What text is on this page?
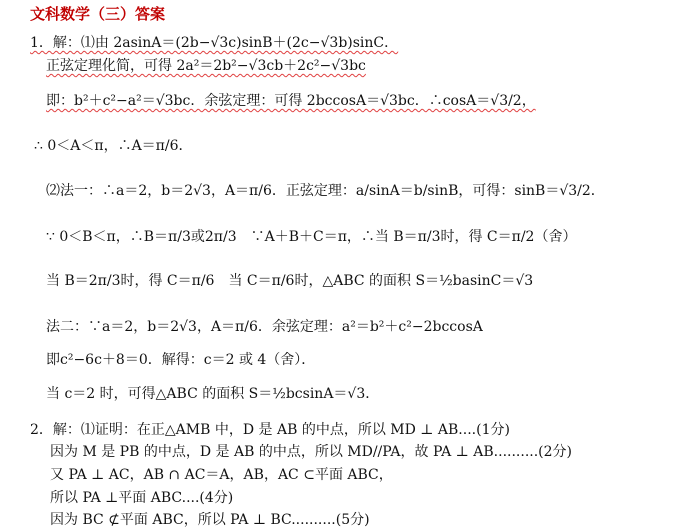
文科数学（三）答案
1．解：⑴由 2asinA＝(2b−√3c)sinB＋(2c−√3b)sinC．
正弦定理化简，可得 2a²＝2b²−√3cb＋2c²−√3bc
即：b²＋c²−a²＝√3bc．余弦定理：可得 2bccosA＝√3bc．∴cosA＝√3/2，
∴ 0＜A＜π，∴A＝π/6．
⑵法一：∴a＝2，b＝2√3，A＝π/6．正弦定理：a/sinA＝b/sinB，可得：sinB＝√3/2．
∵ 0＜B＜π，∴B＝π/3或2π/3　∵A＋B＋C＝π，∴当 B＝π/3时，得 C＝π/2（舍）
当 B＝2π/3时，得 C＝π/6　当 C＝π/6时，△ABC 的面积 S＝½basinC＝√3
法二：∵a＝2，b＝2√3，A＝π/6．余弦定理：a²＝b²＋c²−2bccosA
即c²−6c＋8＝0．解得：c＝2 或 4（舍）．
当 c＝2 时，可得△ABC 的面积 S＝½bcsinA＝√3．
2．解：⑴证明：在正△AMB 中，D 是 AB 的中点，所以 MD ⊥ AB....(1分)
因为 M 是 PB 的中点，D 是 AB 的中点，所以 MD//PA，故 PA ⊥ AB..........(2分)
又 PA ⊥ AC，AB ∩ AC＝A，AB，AC ⊂平面 ABC，
所以 PA ⊥平面 ABC....(4分)
因为 BC ⊄平面 ABC，所以 PA ⊥ BC..........(5分)
